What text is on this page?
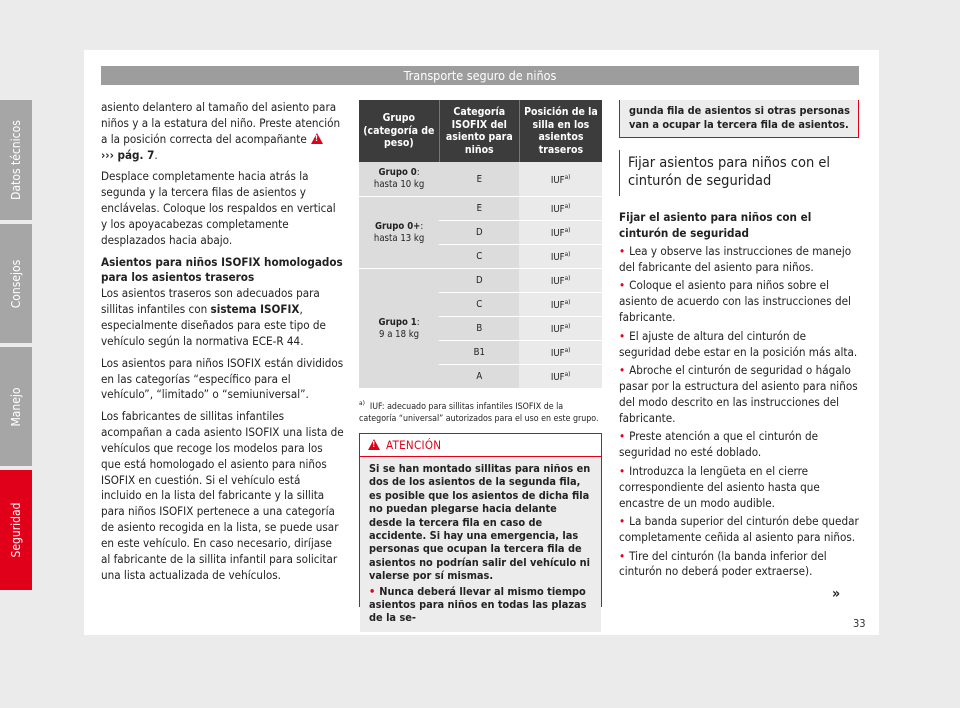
Transporte seguro de niños

asiento delantero al tamaño del asiento para niños y a la estatura del niño. Preste atención a la posición correcta del acompañante!
››› pág. 7.

Desplace completamente hacia atrás la segunda y la tercera filas de asientos y enclávelas. Coloque los respaldos en vertical y los apoyacabezas completamente desplazados hacia abajo.

Asientos para niños ISOFIX homologados para los asientos traseros

Los asientos traseros son adecuados para sillitas infantiles con sistema ISOFIX, especialmente diseñados para este tipo de vehículo según la normativa ECE-R 44.

Los asientos para niños ISOFIX están divididos en las categorías “específico para el vehículo”, “limitado” o “semiuniversal”.

Los fabricantes de sillitas infantiles acompañan a cada asiento ISOFIX una lista de vehículos que recoge los modelos para los que está homologado el asiento para niños ISOFIX en cuestión. Si el vehículo está incluido en la lista del fabricante y la sillita para niños ISOFIX pertenece a una categoría de asiento recogida en la lista, se puede usar en este vehículo. En caso necesario, diríjase al fabricante de la sillita infantil para solicitar una lista actualizada de vehículos.

Grupo (categoría de peso)	Categoría ISOFIX del asiento para niños	Posición de la silla en los asientos traseros
Grupo 0:
hasta 10 kg	E	IUF$^{a)}$
Grupo 0+:
hasta 13 kg	E	IUF$^{a)}$
	D	IUF$^{a)}$
	C	IUF$^{a)}$
Grupo 1:
9 a 18 kg	D	IUF$^{a)}$
	C	IUF$^{a)}$
	B	IUF$^{a)}$
	B1	IUF$^{a)}$
	A	IUF$^{a)}$
$^{a)}$ IUF: adecuado para sillitas infantiles ISOFIX de la categoría “universal” autorizados para el uso en este grupo.
!ATENCIÓN

Si se han montado sillitas para niños en dos de los asientos de la segunda fila, es posible que los asientos de dicha fila no puedan plegarse hacia delante desde la tercera fila en caso de accidente. Si hay una emergencia, las personas que ocupan la tercera fila de asientos no podrían salir del vehículo ni valerse por sí mismas.

• Nunca deberá llevar al mismo tiempo asientos para niños en todas las plazas de la se-

gunda fila de asientos si otras personas van a ocupar la tercera fila de asientos.
Fijar asientos para niños con el cinturón de seguridad
Fijar el asiento para niños con el cinturón de seguridad
• Lea y observe las instrucciones de manejo del fabricante del asiento para niños.
• Coloque el asiento para niños sobre el asiento de acuerdo con las instrucciones del fabricante.
• El ajuste de altura del cinturón de seguridad debe estar en la posición más alta.
• Abroche el cinturón de seguridad o hágalo pasar por la estructura del asiento para niños del modo descrito en las instrucciones del fabricante.
• Preste atención a que el cinturón de seguridad no esté doblado.
• Introduzca la lengüeta en el cierre correspondiente del asiento hasta que encastre de un modo audible.
• La banda superior del cinturón debe quedar completamente ceñida al asiento para niños.
• Tire del cinturón (la banda inferior del cinturón no deberá poder extraerse).
»
Datos técnicos
Consejos
Manejo
Seguridad
33
